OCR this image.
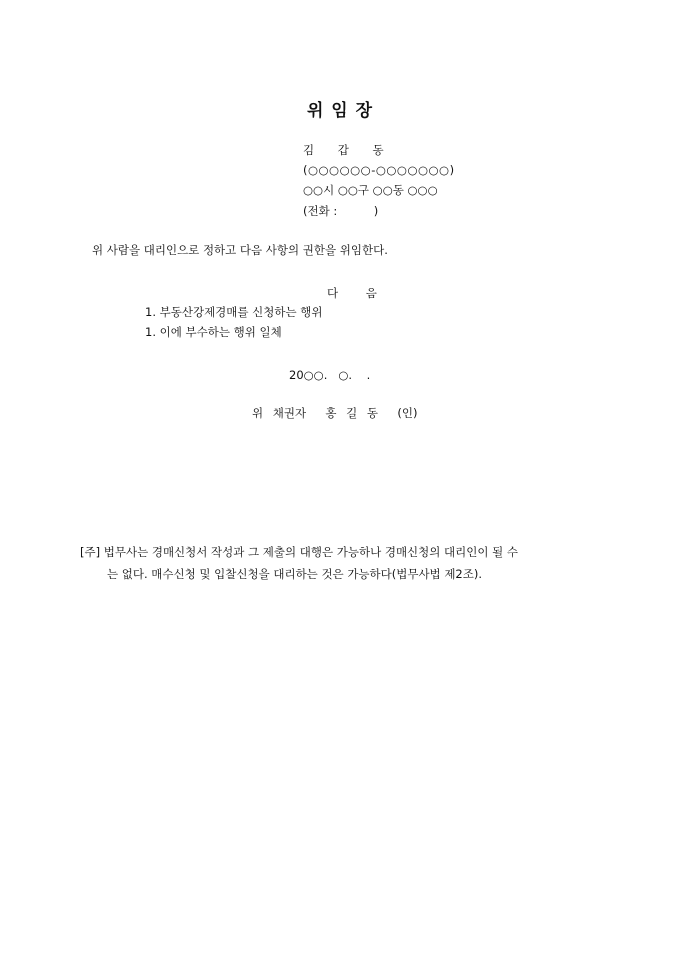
위 임 장
김 갑 동
(○○○○○○-○○○○○○○)
○○시 ○○구 ○○동 ○○○
(전화 :          )
위 사람을 대리인으로 정하고 다음 사항의 권한을 위임한다.
다 음
1. 부동산강제경매를 신청하는 행위
1. 이에 부수하는 행위 일체
20○○.   ○.    .
위 채권자  홍 길 동  (인)
[주] 법무사는 경매신청서 작성과 그 제출의 대행은 가능하나 경매신청의 대리인이 될 수
는 없다. 매수신청 및 입찰신청을 대리하는 것은 가능하다(법무사법 제2조).
